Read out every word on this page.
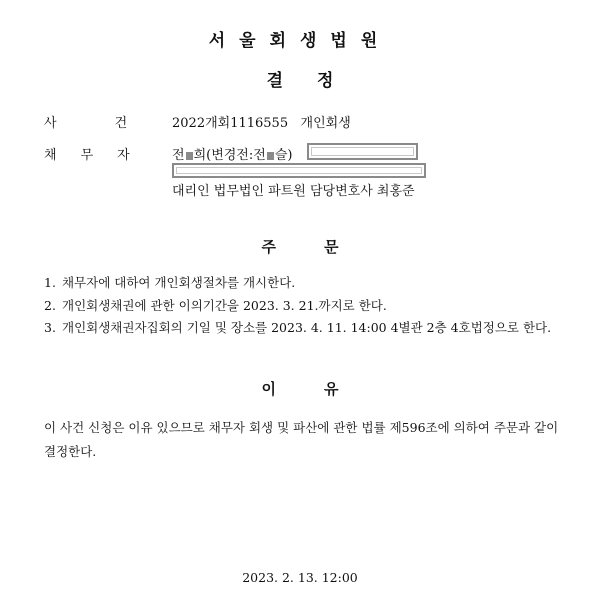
서울회생법원
결정
사	건	2022개회1116555 개인회생
채 무 자	전 희(변경전:전 슬)
대리인 법무법인 파트원 담당변호사 최홍준
주문
1. 채무자에 대하여 개인회생절차를 개시한다.
2. 개인회생채권에 관한 이의기간을 2023. 3. 21.까지로 한다.
3. 개인회생채권자집회의 기일 및 장소를 2023. 4. 11. 14:00 4별관 2층 4호법정으로 한다.
이유
이 사건 신청은 이유 있으므로 채무자 회생 및 파산에 관한 법률 제596조에 의하여 주문과 같이 결정한다.
2023. 2. 13. 12:00
